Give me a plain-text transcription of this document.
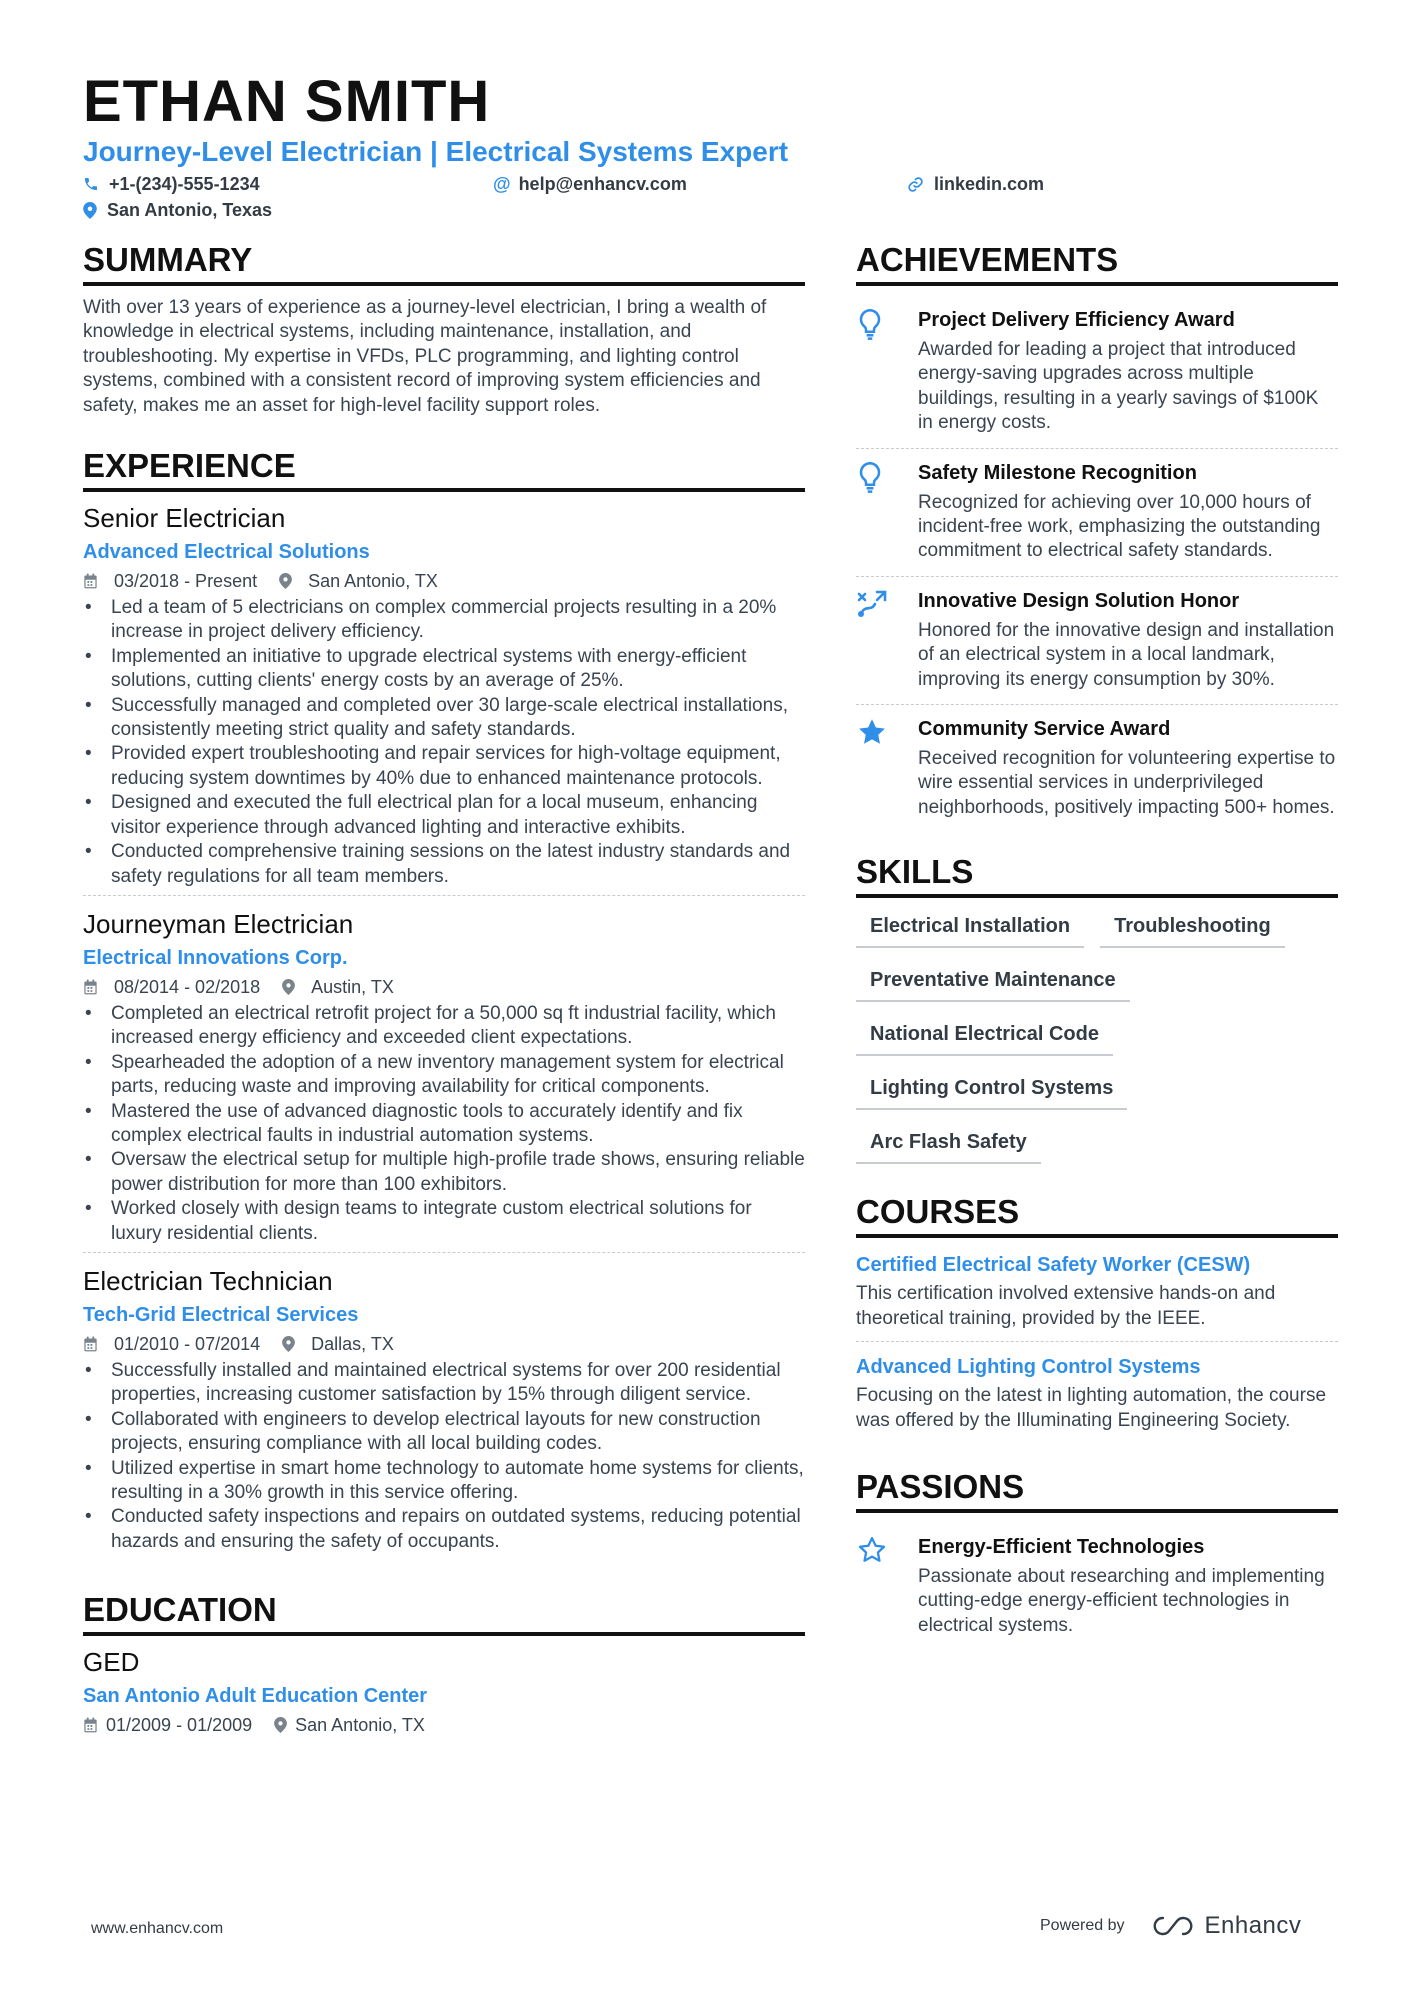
ETHAN SMITH
Journey-Level Electrician | Electrical Systems Expert
+1-(234)-555-1234	@ help@enhancv.com	linkedin.com
San Antonio, Texas
SUMMARY
With over 13 years of experience as a journey-level electrician, I bring a wealth of knowledge in electrical systems, including maintenance, installation, and troubleshooting. My expertise in VFDs, PLC programming, and lighting control systems, combined with a consistent record of improving system efficiencies and safety, makes me an asset for high-level facility support roles.
EXPERIENCE
Senior Electrician
Advanced Electrical Solutions
03/2018 - Present	San Antonio, TX
• Led a team of 5 electricians on complex commercial projects resulting in a 20% increase in project delivery efficiency.
• Implemented an initiative to upgrade electrical systems with energy-efficient solutions, cutting clients' energy costs by an average of 25%.
• Successfully managed and completed over 30 large-scale electrical installations, consistently meeting strict quality and safety standards.
• Provided expert troubleshooting and repair services for high-voltage equipment, reducing system downtimes by 40% due to enhanced maintenance protocols.
• Designed and executed the full electrical plan for a local museum, enhancing visitor experience through advanced lighting and interactive exhibits.
• Conducted comprehensive training sessions on the latest industry standards and safety regulations for all team members.
Journeyman Electrician
Electrical Innovations Corp.
08/2014 - 02/2018	Austin, TX
• Completed an electrical retrofit project for a 50,000 sq ft industrial facility, which increased energy efficiency and exceeded client expectations.
• Spearheaded the adoption of a new inventory management system for electrical parts, reducing waste and improving availability for critical components.
• Mastered the use of advanced diagnostic tools to accurately identify and fix complex electrical faults in industrial automation systems.
• Oversaw the electrical setup for multiple high-profile trade shows, ensuring reliable power distribution for more than 100 exhibitors.
• Worked closely with design teams to integrate custom electrical solutions for luxury residential clients.
Electrician Technician
Tech-Grid Electrical Services
01/2010 - 07/2014	Dallas, TX
• Successfully installed and maintained electrical systems for over 200 residential properties, increasing customer satisfaction by 15% through diligent service.
• Collaborated with engineers to develop electrical layouts for new construction projects, ensuring compliance with all local building codes.
• Utilized expertise in smart home technology to automate home systems for clients, resulting in a 30% growth in this service offering.
• Conducted safety inspections and repairs on outdated systems, reducing potential hazards and ensuring the safety of occupants.
EDUCATION
GED
San Antonio Adult Education Center
01/2009 - 01/2009 San Antonio, TX
ACHIEVEMENTS
Project Delivery Efficiency Award
Awarded for leading a project that introduced energy-saving upgrades across multiple buildings, resulting in a yearly savings of $100K in energy costs.
Safety Milestone Recognition
Recognized for achieving over 10,000 hours of incident-free work, emphasizing the outstanding commitment to electrical safety standards.
Innovative Design Solution Honor
Honored for the innovative design and installation of an electrical system in a local landmark, improving its energy consumption by 30%.
Community Service Award
Received recognition for volunteering expertise to wire essential services in underprivileged neighborhoods, positively impacting 500+ homes.
SKILLS
Electrical Installation	Troubleshooting
Preventative Maintenance
National Electrical Code
Lighting Control Systems
Arc Flash Safety
COURSES
Certified Electrical Safety Worker (CESW)
This certification involved extensive hands-on and theoretical training, provided by the IEEE.
Advanced Lighting Control Systems
Focusing on the latest in lighting automation, the course was offered by the Illuminating Engineering Society.
PASSIONS
Energy-Efficient Technologies
Passionate about researching and implementing cutting-edge energy-efficient technologies in electrical systems.
www.enhancv.com	Powered by	Enhancv
